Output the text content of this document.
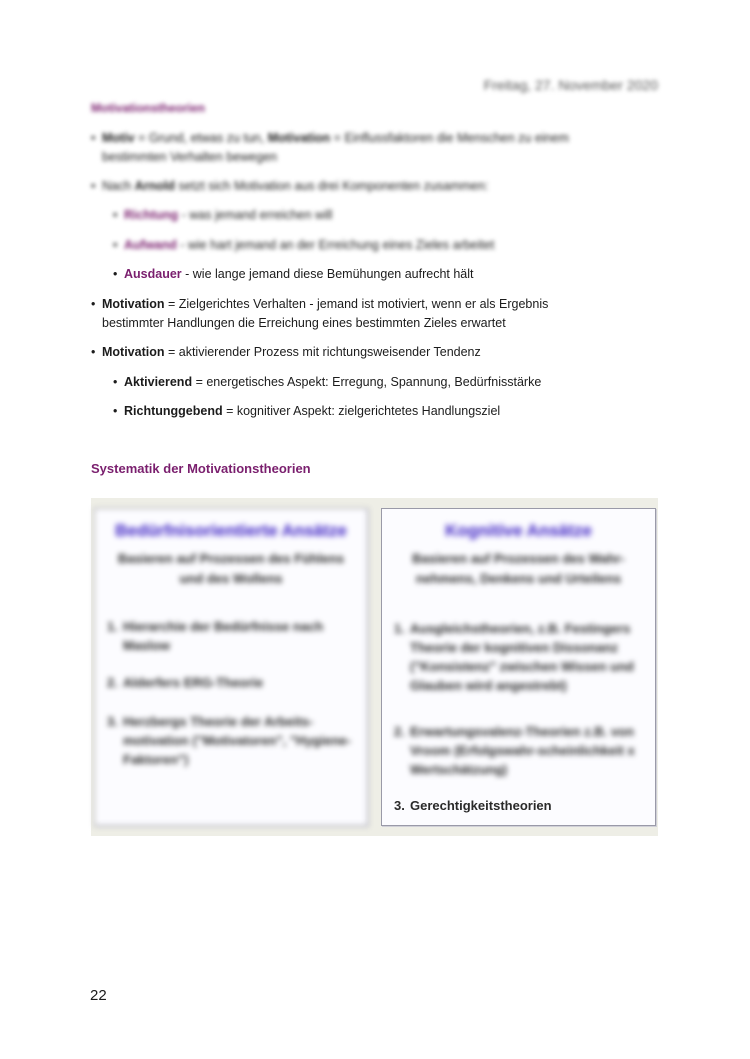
Freitag, 27. November 2020
Motivationstheorien
• Motiv = Grund, etwas zu tun, Motivation = Einflussfaktoren die Menschen zu einem bestimmten Verhalten bewegen
• Nach Arnold setzt sich Motivation aus drei Komponenten zusammen:
• Richtung - was jemand erreichen will
• Aufwand - wie hart jemand an der Erreichung eines Zieles arbeitet
• Ausdauer - wie lange jemand diese Bemühungen aufrecht hält
• Motivation = Zielgerichtes Verhalten - jemand ist motiviert, wenn er als Ergebnis bestimmter Handlungen die Erreichung eines bestimmten Zieles erwartet
• Motivation = aktivierender Prozess mit richtungsweisender Tendenz
• Aktivierend = energetisches Aspekt: Erregung, Spannung, Bedürfnisstärke
• Richtunggebend = kognitiver Aspekt: zielgerichtetes Handlungsziel
Systematik der Motivationstheorien
Bedürfnisorientierte Ansätze
Basieren auf Prozessen des Fühlens und des Wollens
1. Hierarchie der Bedürfnisse nach Maslow
2. Alderfers ERG-Theorie
3. Herzbergs Theorie der Arbeits-motivation ("Motivatoren", "Hygiene-Faktoren")
Kognitive Ansätze
Basieren auf Prozessen des Wahr-nehmens, Denkens und Urteilens
1. Ausgleichstheorien, z.B. Festingers Theorie der kognitiven Dissonanz ("Konsistenz" zwischen Wissen und Glauben wird angestrebt)
2. Erwartungsvalenz-Theorien z.B. von Vroom (Erfolgswahr-scheinlichkeit x Wertschätzung)
3. Gerechtigkeitstheorien
22
